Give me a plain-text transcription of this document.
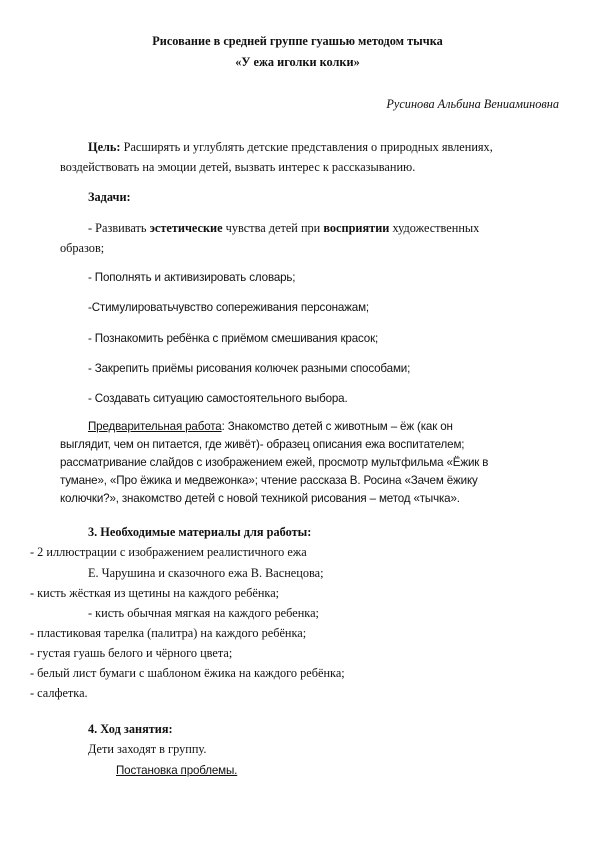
Рисование в средней группе гуашью методом тычка
«У ежа иголки колки»
Русинова Альбина Вениаминовна
Цель: Расширять и углублять детские представления о природных явлениях,
воздействовать на эмоции детей, вызвать интерес к рассказыванию.
Задачи:
- Развивать эстетические чувства детей при восприятии художественных
образов;
- Пополнять и активизировать словарь;
-Стимулироватьчувство сопереживания персонажам;
- Познакомить ребёнка с приёмом смешивания красок;
- Закрепить приёмы рисования колючек разными способами;
- Создавать ситуацию самостоятельного выбора.
Предварительная работа: Знакомство детей с животным – ёж (как он
выглядит, чем он питается, где живёт)- образец описания ежа воспитателем;
рассматривание слайдов с изображением ежей, просмотр мультфильма «Ёжик в
тумане», «Про ёжика и медвежонка»; чтение рассказа В. Росина «Зачем ёжику
колючки?», знакомство детей с новой техникой рисования – метод «тычка».
3. Необходимые материалы для работы:
- 2 иллюстрации с изображением реалистичного ежа
Е. Чарушина и сказочного ежа В. Васнецова;
- кисть жёсткая из щетины на каждого ребёнка;
- кисть обычная мягкая на каждого ребенка;
- пластиковая тарелка (палитра) на каждого ребёнка;
- густая гуашь белого и чёрного цвета;
- белый лист бумаги с шаблоном ёжика на каждого ребёнка;
- салфетка.
4. Ход занятия:
Дети заходят в группу.
Постановка проблемы.
